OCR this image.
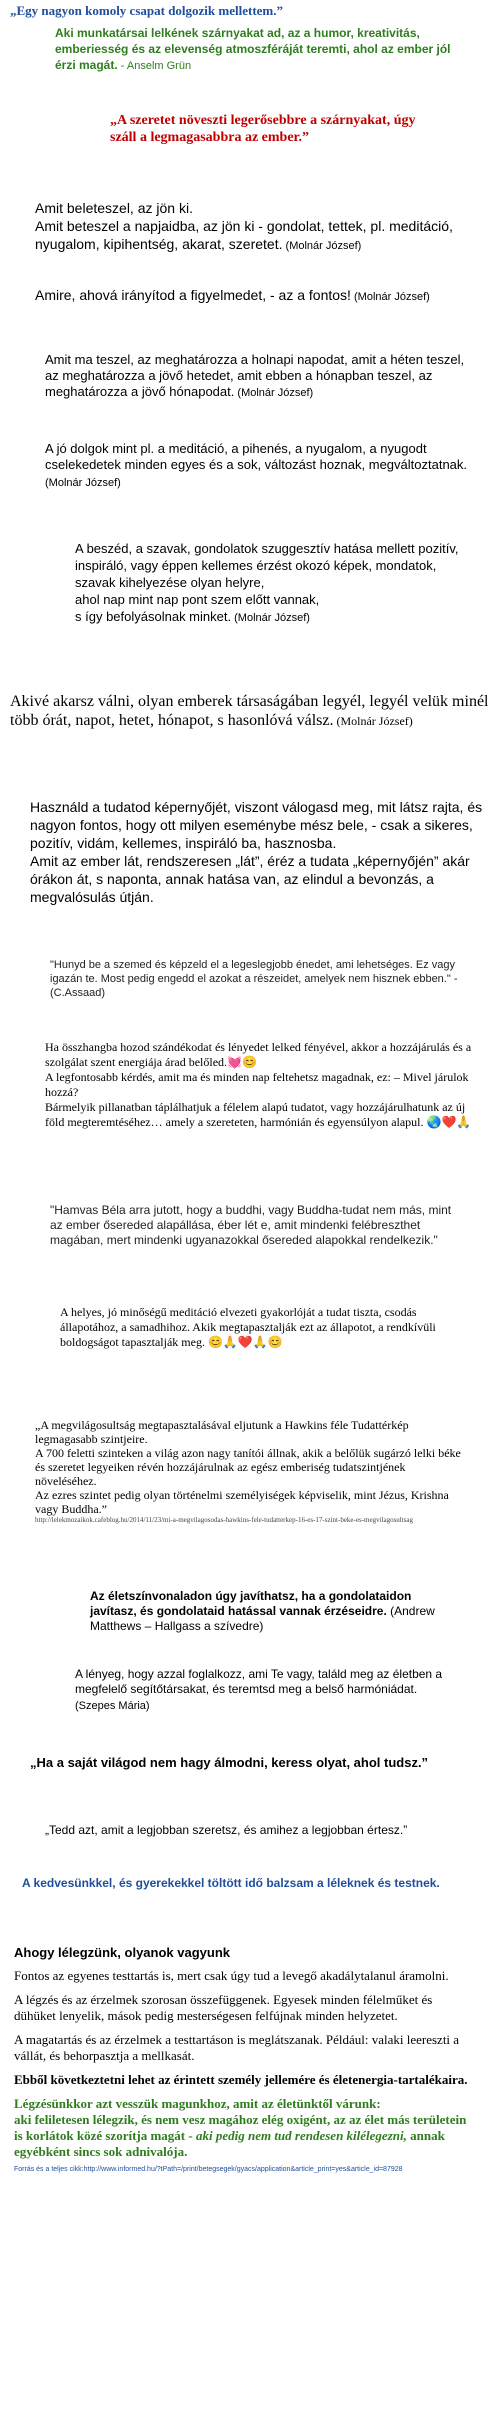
„Egy nagyon komoly csapat dolgozik mellettem.”

Aki munkatársai lelkének szárnyakat ad, az a humor, kreativitás, emberiesség és az elevenség atmoszféráját teremti, ahol az ember jól érzi magát. - Anselm Grün

„A szeretet növeszti legerősebbre a szárnyakat, úgy száll a legmagasabbra az ember.”

Amit beleteszel, az jön ki.

Amit beteszel a napjaidba, az jön ki - gondolat, tettek, pl. meditáció, nyugalom, kipihentség, akarat, szeretet. (Molnár József)

Amire, ahová irányítod a figyelmedet, - az a fontos! (Molnár József)

Amit ma teszel, az meghatározza a holnapi napodat, amit a héten teszel, az meghatározza a jövő hetedet, amit ebben a hónapban teszel, az meghatározza a jövő hónapodat. (Molnár József)

A jó dolgok mint pl. a meditáció, a pihenés, a nyugalom, a nyugodt cselekedetek minden egyes és a sok, változást hoznak, megváltoztatnak. (Molnár József)

A beszéd, a szavak, gondolatok szuggesztív hatása mellett pozitív, inspiráló, vagy éppen kellemes érzést okozó képek, mondatok, szavak kihelyezése olyan helyre,

ahol nap mint nap pont szem előtt vannak,

s így befolyásolnak minket. (Molnár József)

Akivé akarsz válni, olyan emberek társaságában legyél, legyél velük minél több órát, napot, hetet, hónapot, s hasonlóvá válsz. (Molnár József)

Használd a tudatod képernyőjét, viszont válogasd meg, mit látsz rajta, és nagyon fontos, hogy ott milyen eseménybe mész bele, - csak a sikeres, pozitív, vidám, kellemes, inspiráló ba, hasznosba.

Amit az ember lát, rendszeresen „lát”, éréz a tudata „képernyőjén” akár órákon át, s naponta, annak hatása van, az elindul a bevonzás, a megvalósulás útján.

"Hunyd be a szemed és képzeld el a legeslegjobb énedet, ami lehetséges. Ez vagy igazán te. Most pedig engedd el azokat a részeidet, amelyek nem hisznek ebben." - (C.Assaad)

Ha összhangba hozod szándékodat és lényedet lelked fényével, akkor a hozzájárulás és a szolgálat szent energiája árad belőled.💓😊

A legfontosabb kérdés, amit ma és minden nap feltehetsz magadnak, ez: – Mivel járulok hozzá?

Bármelyik pillanatban táplálhatjuk a félelem alapú tudatot, vagy hozzájárulhatunk az új föld megteremtéséhez… amely a szereteten, harmónián és egyensúlyon alapul. 🌏❤️🙏

"Hamvas Béla arra jutott, hogy a buddhi, vagy Buddha-tudat nem más, mint az ember ősereded alapállása, éber lét e, amit mindenki felébreszthet magában, mert mindenki ugyanazokkal ősereded alapokkal rendelkezik."

A helyes, jó minőségű meditáció elvezeti gyakorlóját a tudat tiszta, csodás állapotához, a samadhihoz. Akik megtapasztalják ezt az állapotot, a rendkívüli boldogságot tapasztalják meg. 😊🙏❤️🙏😊

„A megvilágosultság megtapasztalásával eljutunk a Hawkins féle Tudattérkép legmagasabb szintjeire.

A 700 feletti szinteken a világ azon nagy tanítói állnak, akik a belőlük sugárzó lelki béke és szeretet legyeiken révén hozzájárulnak az egész emberiség tudatszintjének növeléséhez.

Az ezres szintet pedig olyan történelmi személyiségek képviselik, mint Jézus, Krishna vagy Buddha.”

http://lelekmozaikok.cafeblog.hu/2014/11/23/mi-a-megvilagosodas-hawkins-fele-tudatterkep-16-es-17-szint-beke-es-megvilagosultsag

Az életszínvonaladon úgy javíthatsz, ha a gondolataidon javítasz, és gondolataid hatással vannak érzéseidre. (Andrew Matthews – Hallgass a szívedre)

A lényeg, hogy azzal foglalkozz, ami Te vagy, találd meg az életben a megfelelő segítőtársakat, és teremtsd meg a belső harmóniádat. (Szepes Mária)

„Ha a saját világod nem hagy álmodni, keress olyat, ahol tudsz.”

„Tedd azt, amit a legjobban szeretsz, és amihez a legjobban értesz.”

A kedvesünkkel, és gyerekekkel töltött idő balzsam a léleknek és testnek.

Ahogy lélegzünk, olyanok vagyunk

Fontos az egyenes testtartás is, mert csak úgy tud a levegő akadálytalanul áramolni.

A légzés és az érzelmek szorosan összefüggenek. Egyesek minden félelműket és dühüket lenyelik, mások pedig mesterségesen felfújnak minden helyzetet.

A magatartás és az érzelmek a testtartáson is meglátszanak. Például: valaki leereszti a vállát, és behorpasztja a mellkasát.

Ebből következtetni lehet az érintett személy jellemére és életenergia-tartalékaira.

Légzésünkkor azt vesszük magunkhoz, amit az életünktől várunk:
aki feliletesen lélegzik, és nem vesz magához elég oxigént, az az élet más területein is korlátok közé szorítja magát - aki pedig nem tud rendesen kilélegezni, annak egyébként sincs sok adnivalója.

Forrás és a teljes cikk:http://www.informed.hu/?tPath=/print/betegsegek/gyacs/application&article_print=yes&article_id=87928
